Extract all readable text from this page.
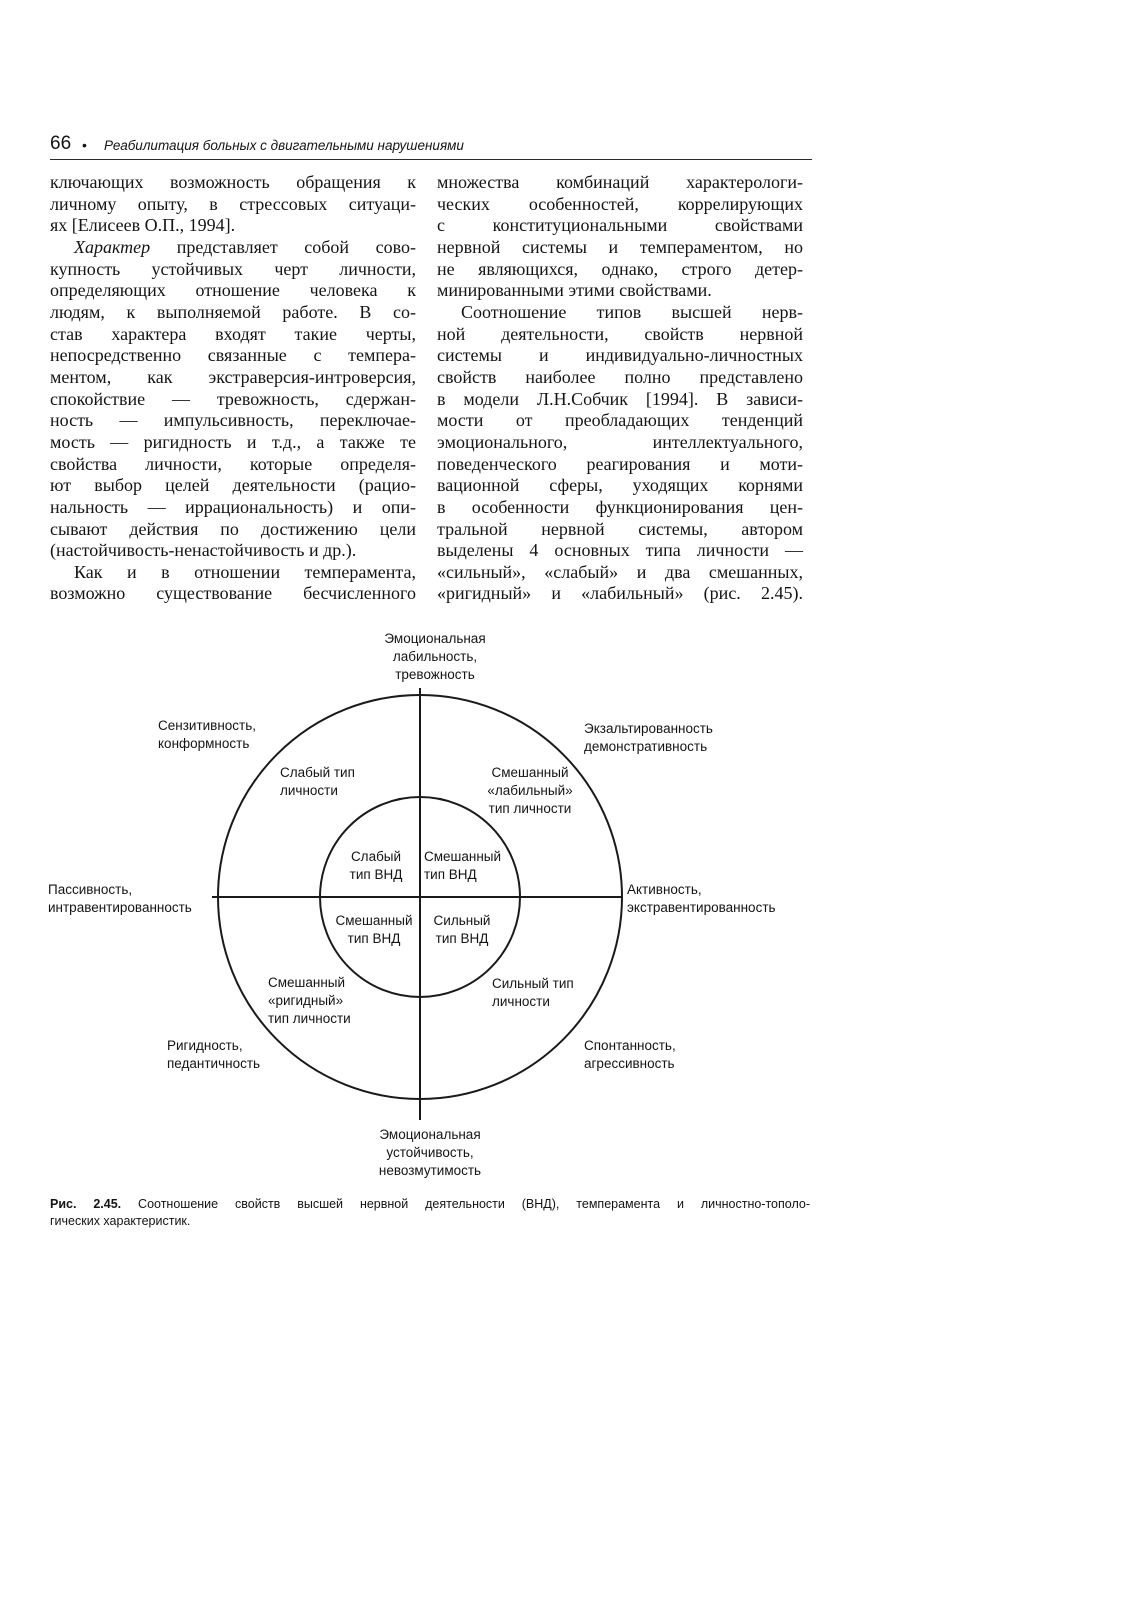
66 • Реабилитация больных с двигательными нарушениями

ключающих возможность обращения к
личному опыту, в стрессовых ситуаци-
ях [Елисеев О.П., 1994].

Характер представляет собой сово-
купность устойчивых черт личности,
определяющих отношение человека к
людям, к выполняемой работе. В со-
став характера входят такие черты,
непосредственно связанные с темпера-
ментом, как экстраверсия-интроверсия,
спокойствие — тревожность, сдержан-
ность — импульсивность, переключае-
мость — ригидность и т.д., а также те
свойства личности, которые определя-
ют выбор целей деятельности (рацио-
нальность — иррациональность) и опи-
сывают действия по достижению цели
(настойчивость-ненастойчивость и др.).

Как и в отношении темперамента,
возможно существование бесчисленного

множества комбинаций характерологи-
ческих особенностей, коррелирующих
с конституциональными свойствами
нервной системы и темпераментом, но
не являющихся, однако, строго детер-
минированными этими свойствами.

Соотношение типов высшей нерв-
ной деятельности, свойств нервной
системы и индивидуально-личностных
свойств наиболее полно представлено
в модели Л.Н.Собчик [1994]. В зависи-
мости от преобладающих тенденций
эмоционального, интеллектуального,
поведенческого реагирования и моти-
вационной сферы, уходящих корнями
в особенности функционирования цен-
тральной нервной системы, автором
выделены 4 основных типа личности —
«сильный», «слабый» и два смешанных,
«ригидный» и «лабильный» (рис. 2.45).

Эмоциональная
лабильность,
тревожность
Эмоциональная
устойчивость,
невозмутимость
Пассивность,
интравентированность
Активность,
экстравентированность
Сензитивность,
конформность
Экзальтированность
демонстративность
Ригидность,
педантичность
Спонтанность,
агрессивность
Слабый тип
личности
Смешанный
«лабильный»
тип личности
Смешанный
«ригидный»
тип личности
Сильный тип
личности
Слабый
тип ВНД
Смешанный
тип ВНД
Смешанный
тип ВНД
Сильный
тип ВНД
Рис. 2.45. Соотношение свойств высшей нервной деятельности (ВНД), темперамента и личностно-тополо-
гических характеристик.
